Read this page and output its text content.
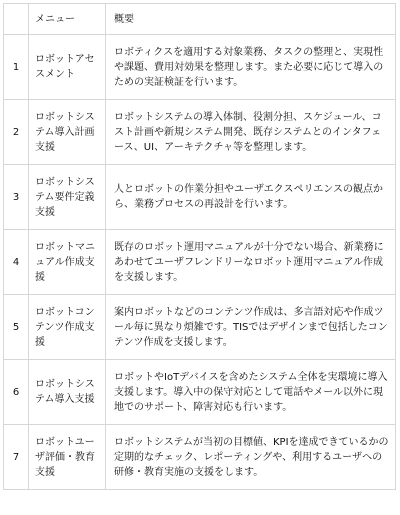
	メニュー	概要
1	ロボットアセスメント	ロボティクスを適用する対象業務、タスクの整理と、実現性や課題、費用対効果を整理します。また必要に応じて導入のための実証検証を行います。
2	ロボットシステム導入計画支援	ロボットシステムの導入体制、役割分担、スケジュール、コスト計画や新規システム開発、既存システムとのインタフェース、UI、アーキテクチャ等を整理します。
3	ロボットシステム要件定義支援	人とロボットの作業分担やユーザエクスペリエンスの観点から、業務プロセスの再設計を行います。
4	ロボットマニュアル作成支援	既存のロボット運用マニュアルが十分でない場合、新業務にあわせてユーザフレンドリーなロボット運用マニュアル作成を支援します。
5	ロボットコンテンツ作成支援	案内ロボットなどのコンテンツ作成は、多言語対応や作成ツール毎に異なり煩雑です。TISではデザインまで包括したコンテンツ作成を支援します。
6	ロボットシステム導入支援	ロボットやIoTデバイスを含めたシステム全体を実環境に導入支援します。導入中の保守対応として電話やメール以外に現地でのサポート、障害対応も行います。
7	ロボットユーザ評価・教育支援	ロボットシステムが当初の目標値、KPIを達成できているかの定期的なチェック、レポーティングや、利用するユーザへの研修・教育実施の支援をします。
